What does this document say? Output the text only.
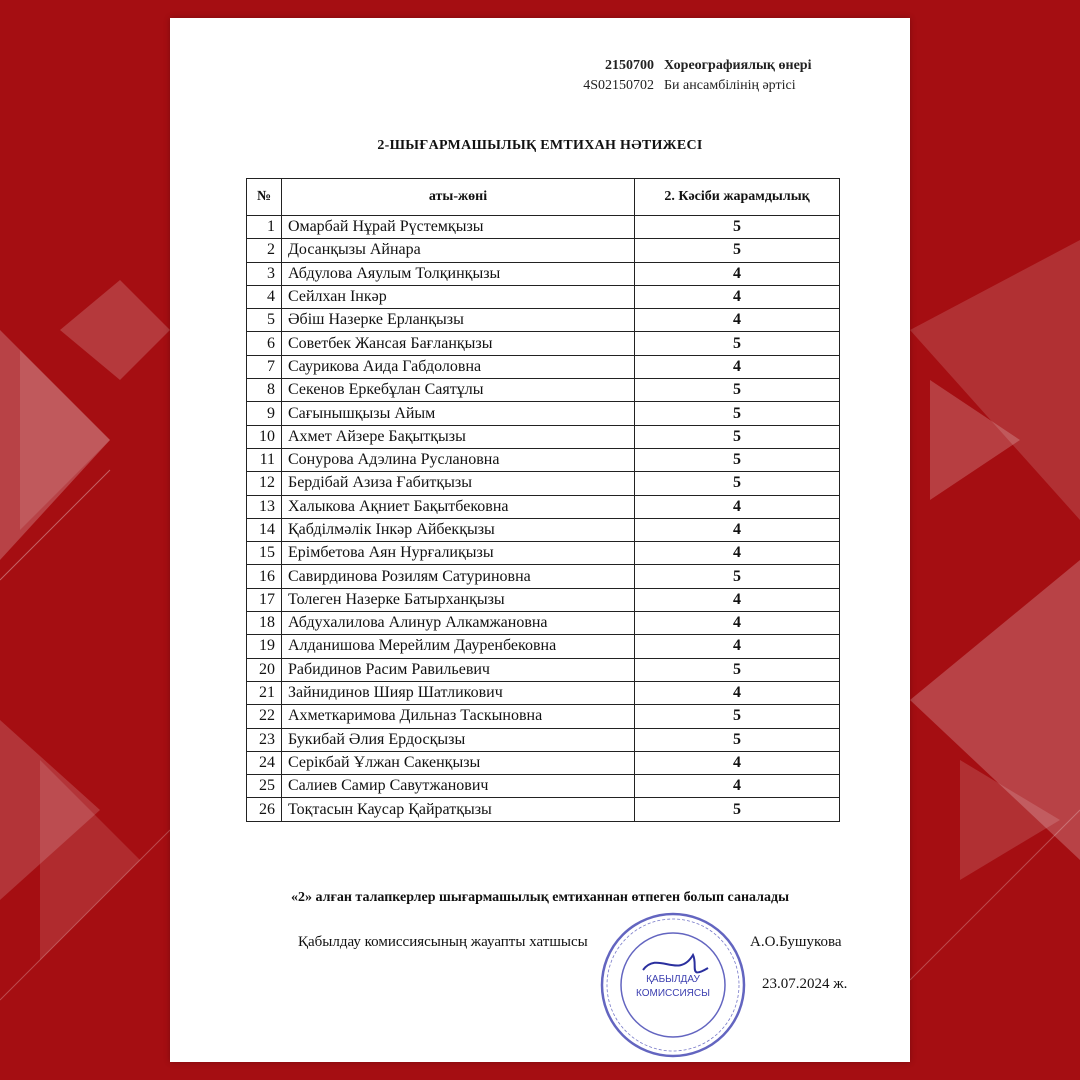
2150700 Хореографиялық өнері
4S02150702 Би ансамбілінің әртісі
2-ШЫҒАРМАШЫЛЫҚ ЕМТИХАН НӘТИЖЕСІ
№	аты-жөні	2. Кәсіби жарамдылық
1	Омарбай Нұрай Рүстемқызы	5
2	Досанқызы Айнара	5
3	Абдулова Аяулым Толқинқызы	4
4	Сейлхан Інкәр	4
5	Әбіш Назерке Ерланқызы	4
6	Советбек Жансая Бағланқызы	5
7	Саурикова Аида Габдоловна	4
8	Секенов Еркебұлан Саятұлы	5
9	Сағынышқызы Айым	5
10	Ахмет Айзере Бақытқызы	5
11	Сонурова Адэлина Руслановна	5
12	Бердібай Азиза Ғабитқызы	5
13	Халыкова Ақниет Бақытбековна	4
14	Қабділмәлік Інкәр Айбекқызы	4
15	Ерімбетова Аян Нурғалиқызы	4
16	Савирдинова Розилям Сатуриновна	5
17	Толеген Назерке Батырханқызы	4
18	Абдухалилова Алинур Алкамжановна	4
19	Алданишова Мерейлим Дауренбековна	4
20	Рабидинов Расим Равильевич	5
21	Зайнидинов Шияр Шатликович	4
22	Ахметкаримова Дильназ Таскыновна	5
23	Букибай Әлия Ердосқызы	5
24	Серікбай Ұлжан Сакенқызы	4
25	Салиев Самир Савутжанович	4
26	Тоқтасын Каусар Қайратқызы	5
«2» алған талапкерлер шығармашылық емтиханнан өтпеген болып саналады
Қабылдау комиссиясының жауапты хатшысы	А.О.Бушукова
23.07.2024 ж.
ҚАБЫЛДАУ
КОМИССИЯСЫ
